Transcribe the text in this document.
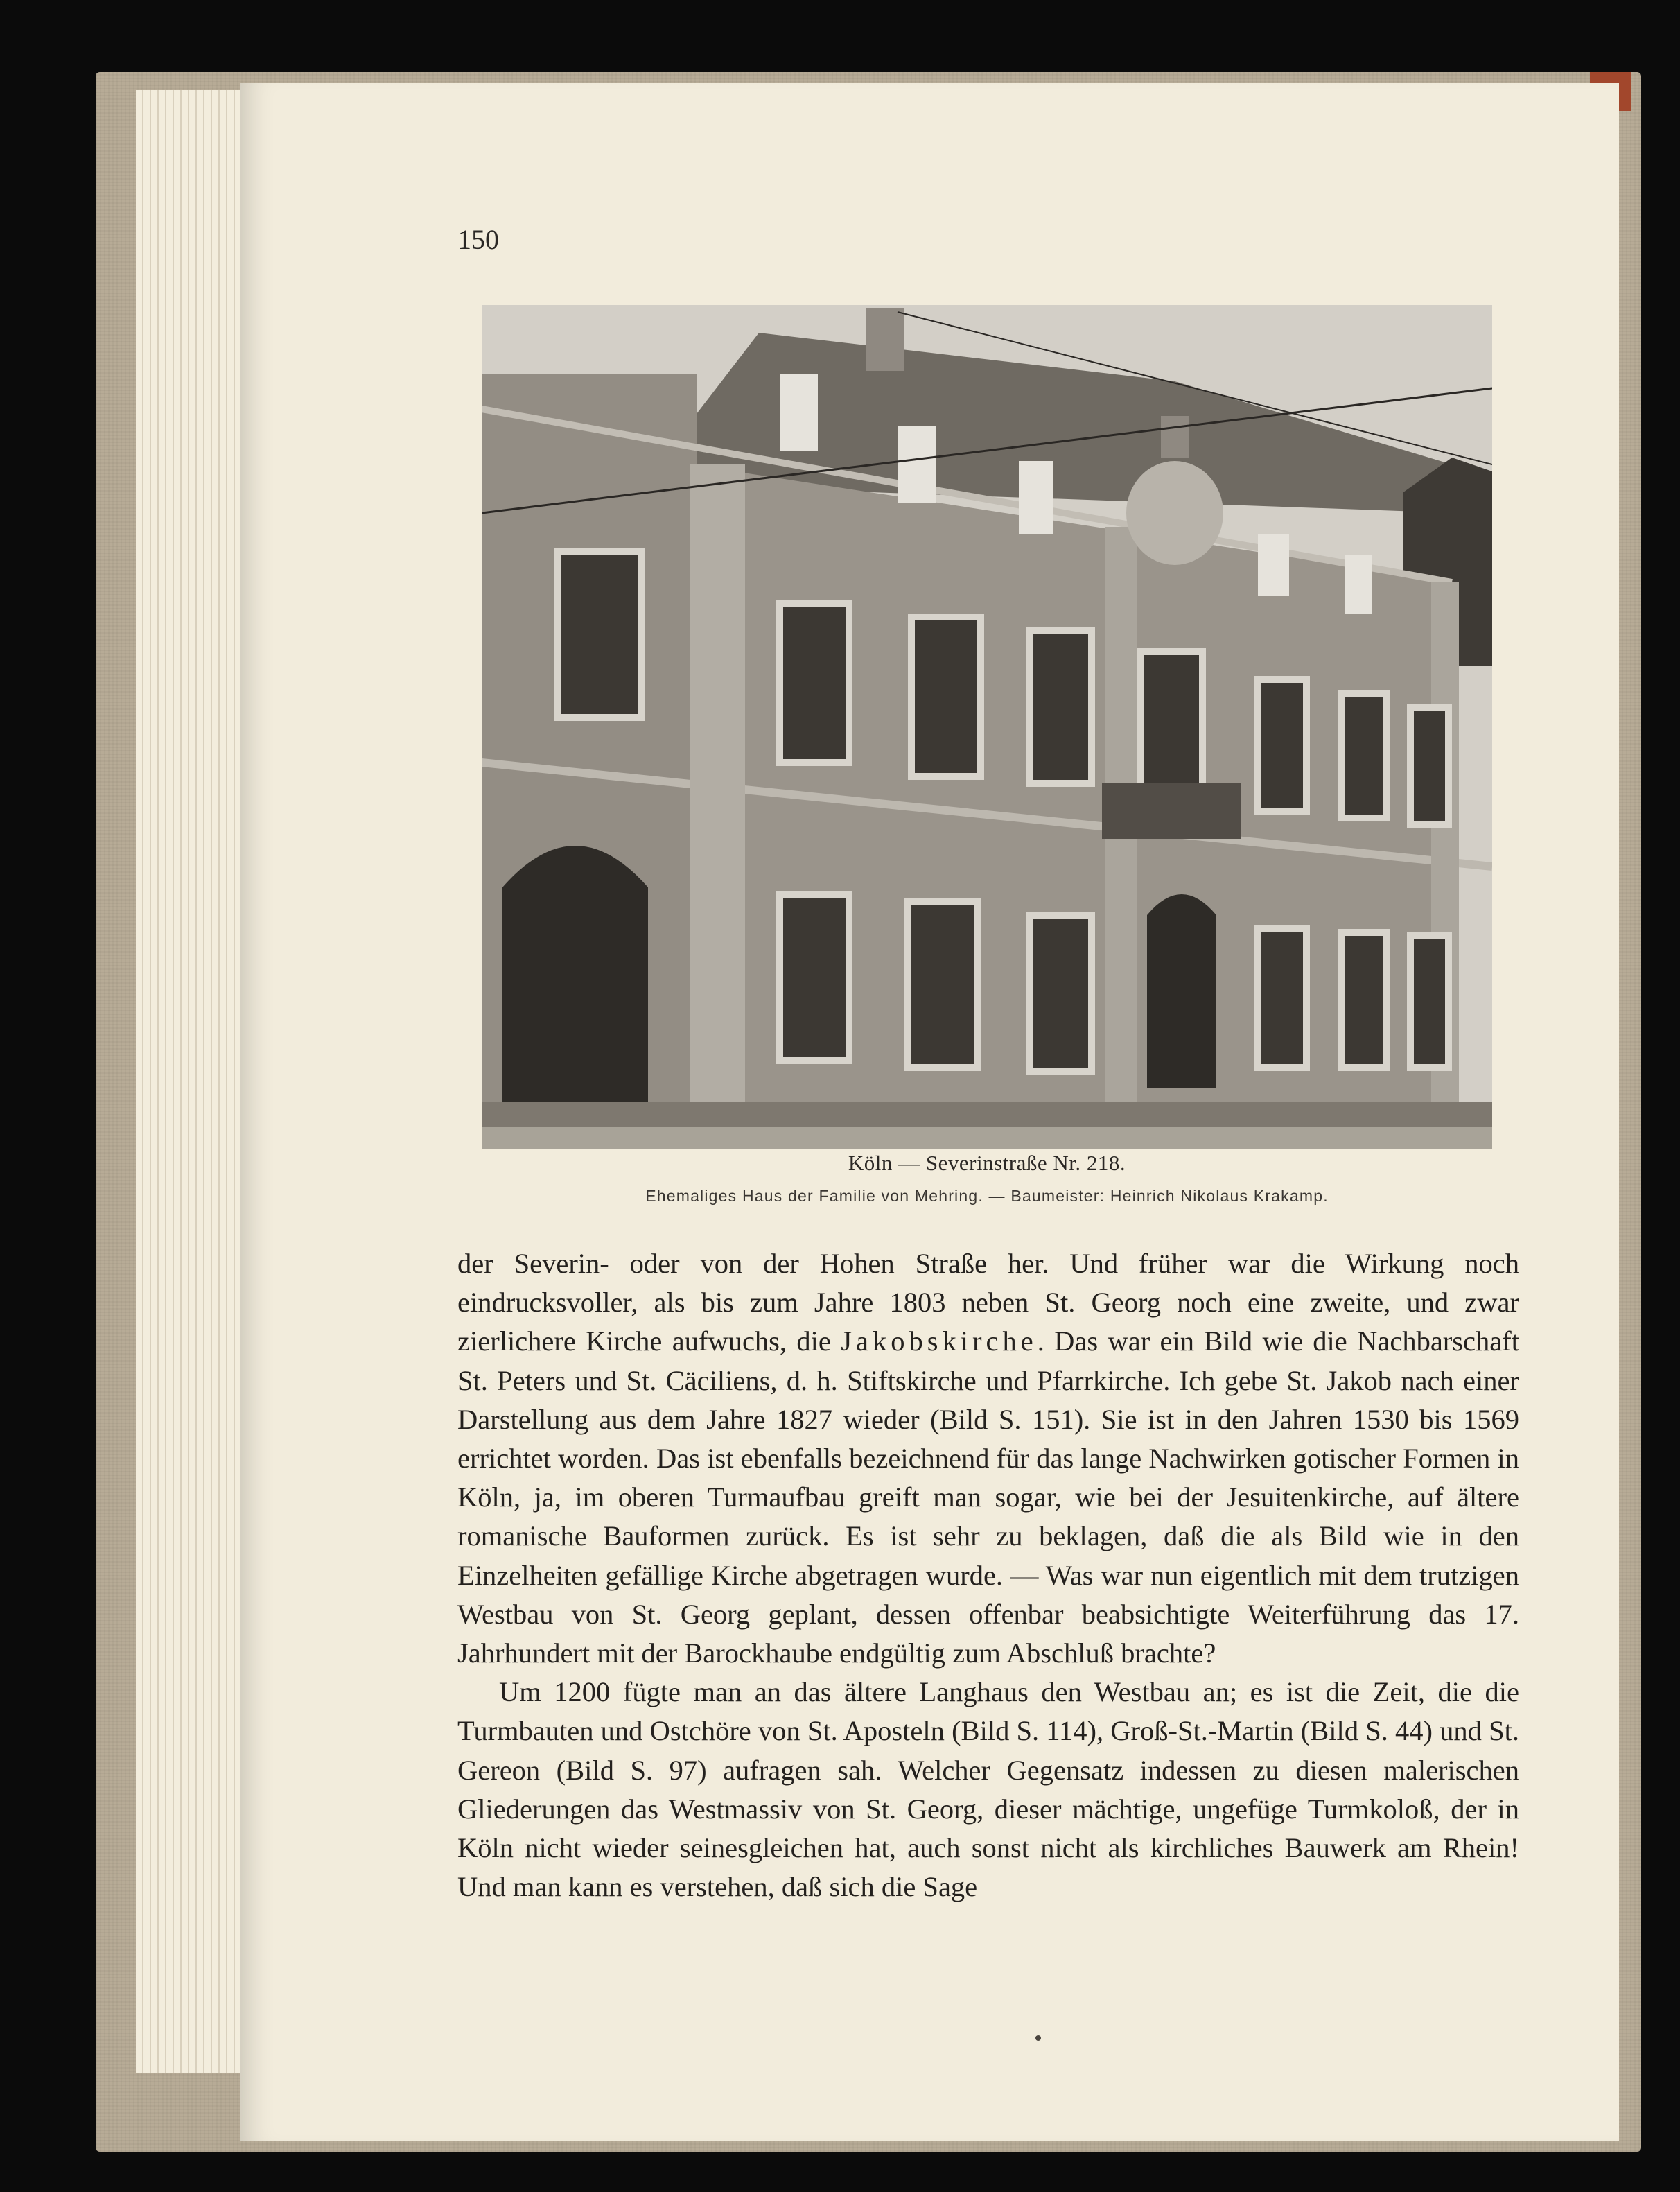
150
Köln — Severinstraße Nr. 218.
Ehemaliges Haus der Familie von Mehring. — Baumeister: Heinrich Nikolaus Krakamp.

der Severin- oder von der Hohen Straße her. Und früher war die Wirkung noch eindrucksvoller, als bis zum Jahre 1803 neben St. Georg noch eine zweite, und zwar zierlichere Kirche aufwuchs, die Jakobskirche. Das war ein Bild wie die Nachbarschaft St. Peters und St. Cäciliens, d. h. Stiftskirche und Pfarrkirche. Ich gebe St. Jakob nach einer Darstellung aus dem Jahre 1827 wieder (Bild S. 151). Sie ist in den Jahren 1530 bis 1569 errichtet worden. Das ist ebenfalls bezeichnend für das lange Nachwirken gotischer Formen in Köln, ja, im oberen Turmaufbau greift man sogar, wie bei der Jesuitenkirche, auf ältere romanische Bauformen zurück. Es ist sehr zu beklagen, daß die als Bild wie in den Einzelheiten gefällige Kirche abgetragen wurde. — Was war nun eigentlich mit dem trutzigen Westbau von St. Georg geplant, dessen offenbar beabsichtigte Weiterführung das 17. Jahrhundert mit der Barockhaube endgültig zum Abschluß brachte?

Um 1200 fügte man an das ältere Langhaus den Westbau an; es ist die Zeit, die die Turmbauten und Ostchöre von St. Aposteln (Bild S. 114), Groß-St.-Martin (Bild S. 44) und St. Gereon (Bild S. 97) aufragen sah. Welcher Gegensatz indessen zu diesen malerischen Gliederungen das Westmassiv von St. Georg, dieser mächtige, ungefüge Turmkoloß, der in Köln nicht wieder seinesgleichen hat, auch sonst nicht als kirchliches Bauwerk am Rhein! Und man kann es verstehen, daß sich die Sage
